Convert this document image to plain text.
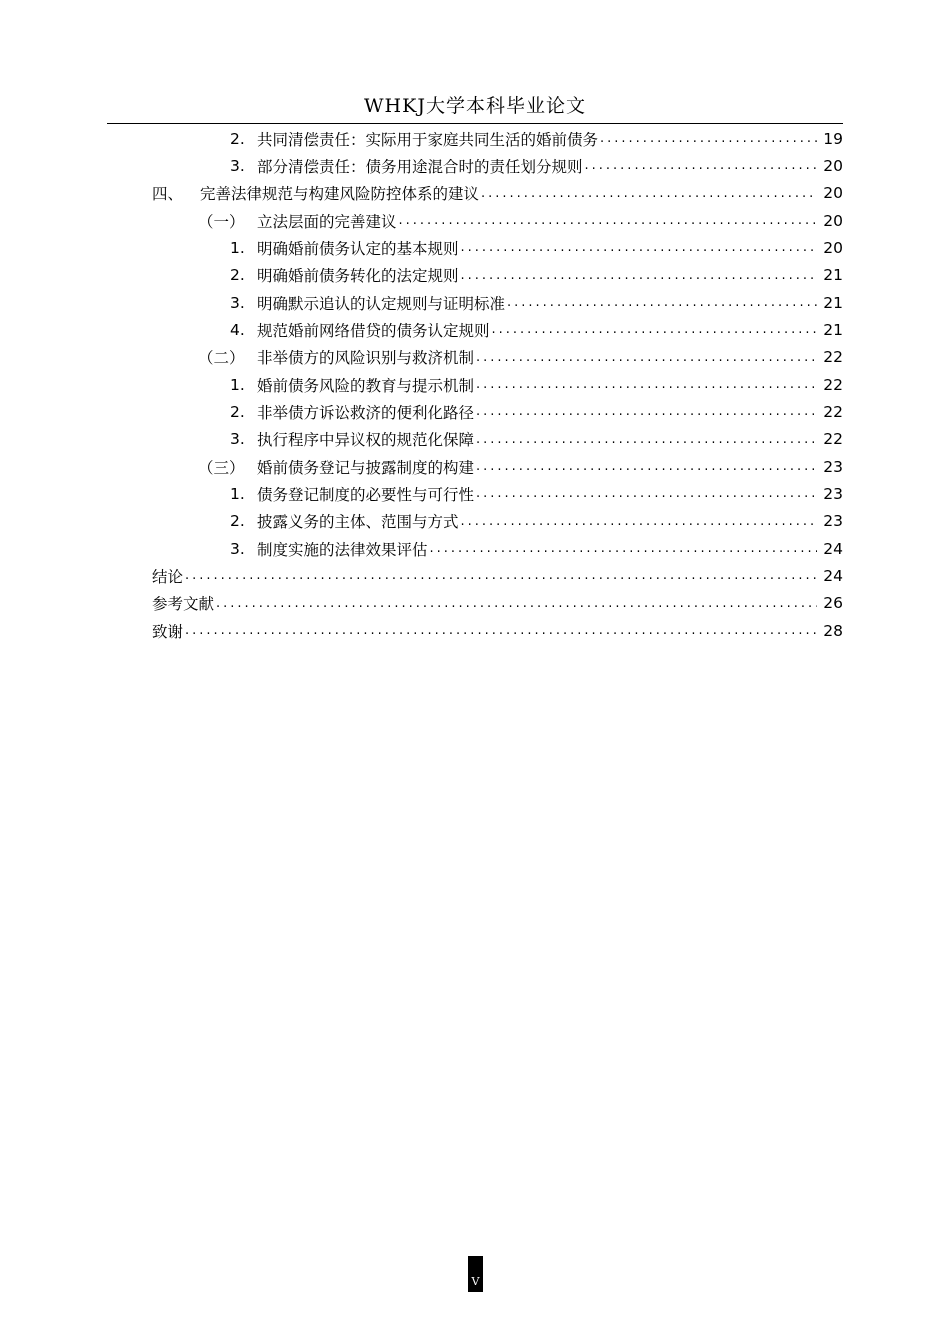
WHKJ大学本科毕业论文
2. 共同清偿责任：实际用于家庭共同生活的婚前债务 .....	19
3. 部分清偿责任：债务用途混合时的责任划分规则 .....	20
四、	完善法律规范与构建风险防控体系的建议 .....	20
（一） 立法层面的完善建议 .....	20
1. 明确婚前债务认定的基本规则 .....	20
2. 明确婚前债务转化的法定规则 .....	21
3. 明确默示追认的认定规则与证明标准 .....	21
4. 规范婚前网络借贷的债务认定规则 .....	21
（二） 非举债方的风险识别与救济机制 .....	22
1. 婚前债务风险的教育与提示机制 .....	22
2. 非举债方诉讼救济的便利化路径 .....	22
3. 执行程序中异议权的规范化保障 .....	22
（三） 婚前债务登记与披露制度的构建 .....	23
1. 债务登记制度的必要性与可行性 .....	23
2. 披露义务的主体、范围与方式 .....	23
3. 制度实施的法律效果评估 .....	24
结论 .....	24
参考文献 .....	26
致谢 .....	28
V
